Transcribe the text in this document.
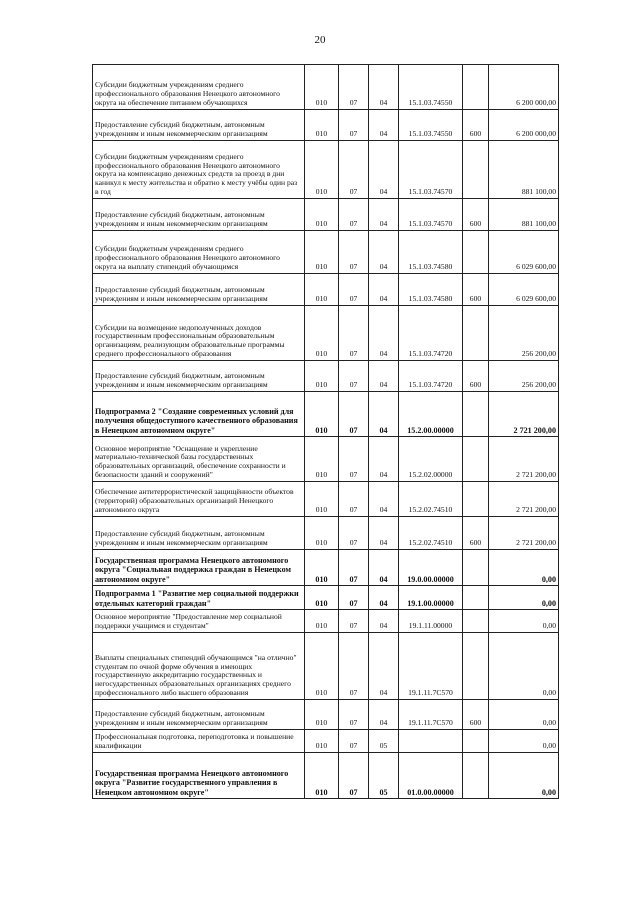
20
Субсидии бюджетным учреждениям среднего профессионального образования Ненецкого автономного округа на обеспечение питанием обучающихся	010	07	04	15.1.03.74550		6 200 000,00
Предоставление субсидий бюджетным, автономным учреждениям и иным некоммерческим организациям	010	07	04	15.1.03.74550	600	6 200 000,00
Субсидии бюджетным учреждениям среднего профессионального образования Ненецкого автономного округа на компенсацию денежных средств за проезд в дни каникул к месту жительства и обратно к месту учёбы один раз в год	010	07	04	15.1.03.74570		881 100,00
Предоставление субсидий бюджетным, автономным учреждениям и иным некоммерческим организациям	010	07	04	15.1.03.74570	600	881 100,00
Субсидии бюджетным учреждениям среднего профессионального образования Ненецкого автономного округа на выплату стипендий обучающимся	010	07	04	15.1.03.74580		6 029 600,00
Предоставление субсидий бюджетным, автономным учреждениям и иным некоммерческим организациям	010	07	04	15.1.03.74580	600	6 029 600,00
Субсидии на возмещение недополученных доходов государственным профессиональным образовательным организациям, реализующим образовательные программы среднего профессионального образования	010	07	04	15.1.03.74720		256 200,00
Предоставление субсидий бюджетным, автономным учреждениям и иным некоммерческим организациям	010	07	04	15.1.03.74720	600	256 200,00
Подпрограмма 2 "Создание современных условий для получения общедоступного качественного образования в Ненецком автономном округе"	010	07	04	15.2.00.00000		2 721 200,00
Основное мероприятие "Оснащение и укрепление материально-технической базы государственных образовательных организаций, обеспечение сохранности и безопасности зданий и сооружений"	010	07	04	15.2.02.00000		2 721 200,00
Обеспечение антитеррористической защищённости объектов (территорий) образовательных организаций Ненецкого автономного округа	010	07	04	15.2.02.74510		2 721 200,00
Предоставление субсидий бюджетным, автономным учреждениям и иным некоммерческим организациям	010	07	04	15.2.02.74510	600	2 721 200,00
Государственная программа Ненецкого автономного округа "Социальная поддержка граждан в Ненецком автономном округе"	010	07	04	19.0.00.00000		0,00
Подпрограмма 1 "Развитие мер социальной поддержки отдельных категорий граждан"	010	07	04	19.1.00.00000		0,00
Основное мероприятие "Предоставление мер социальной поддержки учащимся и студентам"	010	07	04	19.1.11.00000		0,00
Выплаты специальных стипендий обучающимся "на отлично" студентам по очной форме обучения в имеющих государственную аккредитацию государственных и негосударственных образовательных организациях среднего профессионального либо высшего образования	010	07	04	19.1.11.7С570		0,00
Предоставление субсидий бюджетным, автономным учреждениям и иным некоммерческим организациям	010	07	04	19.1.11.7С570	600	0,00
Профессиональная подготовка, переподготовка и повышение квалификации	010	07	05			0,00
Государственная программа Ненецкого автономного округа "Развитие государственного управления в Ненецком автономном округе"	010	07	05	01.0.00.00000		0,00
